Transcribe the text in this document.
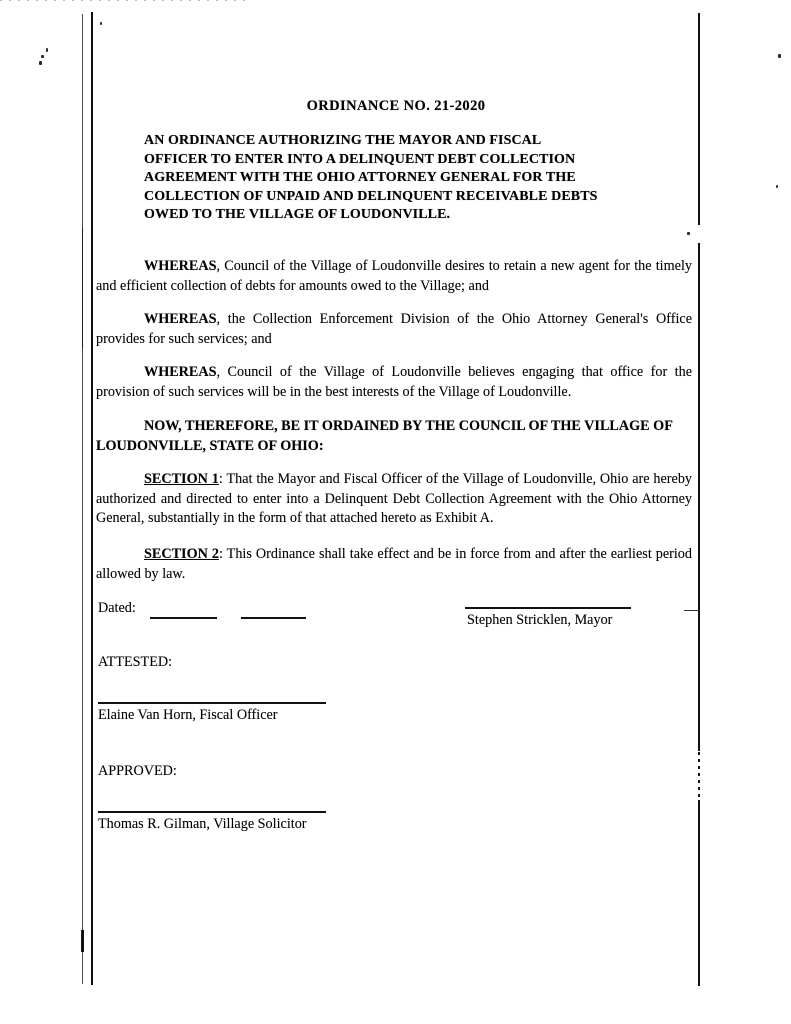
ORDINANCE NO. 21-2020
AN ORDINANCE AUTHORIZING THE MAYOR AND FISCAL
OFFICER TO ENTER INTO A DELINQUENT DEBT COLLECTION
AGREEMENT WITH THE OHIO ATTORNEY GENERAL FOR THE
COLLECTION OF UNPAID AND DELINQUENT RECEIVABLE DEBTS
OWED TO THE VILLAGE OF LOUDONVILLE.

WHEREAS, Council of the Village of Loudonville desires to retain a new agent for the timely and efficient collection of debts for amounts owed to the Village; and

WHEREAS, the Collection Enforcement Division of the Ohio Attorney General's Office provides for such services; and

WHEREAS, Council of the Village of Loudonville believes engaging that office for the provision of such services will be in the best interests of the Village of Loudonville.

NOW, THEREFORE, BE IT ORDAINED BY THE COUNCIL OF THE VILLAGE OF LOUDONVILLE, STATE OF OHIO:

SECTION 1: That the Mayor and Fiscal Officer of the Village of Loudonville, Ohio are hereby authorized and directed to enter into a Delinquent Debt Collection Agreement with the Ohio Attorney General, substantially in the form of that attached hereto as Exhibit A.

SECTION 2: This Ordinance shall take effect and be in force from and after the earliest period allowed by law.

Dated:
Stephen Stricklen, Mayor
ATTESTED:
Elaine Van Horn, Fiscal Officer
APPROVED:
Thomas R. Gilman, Village Solicitor
